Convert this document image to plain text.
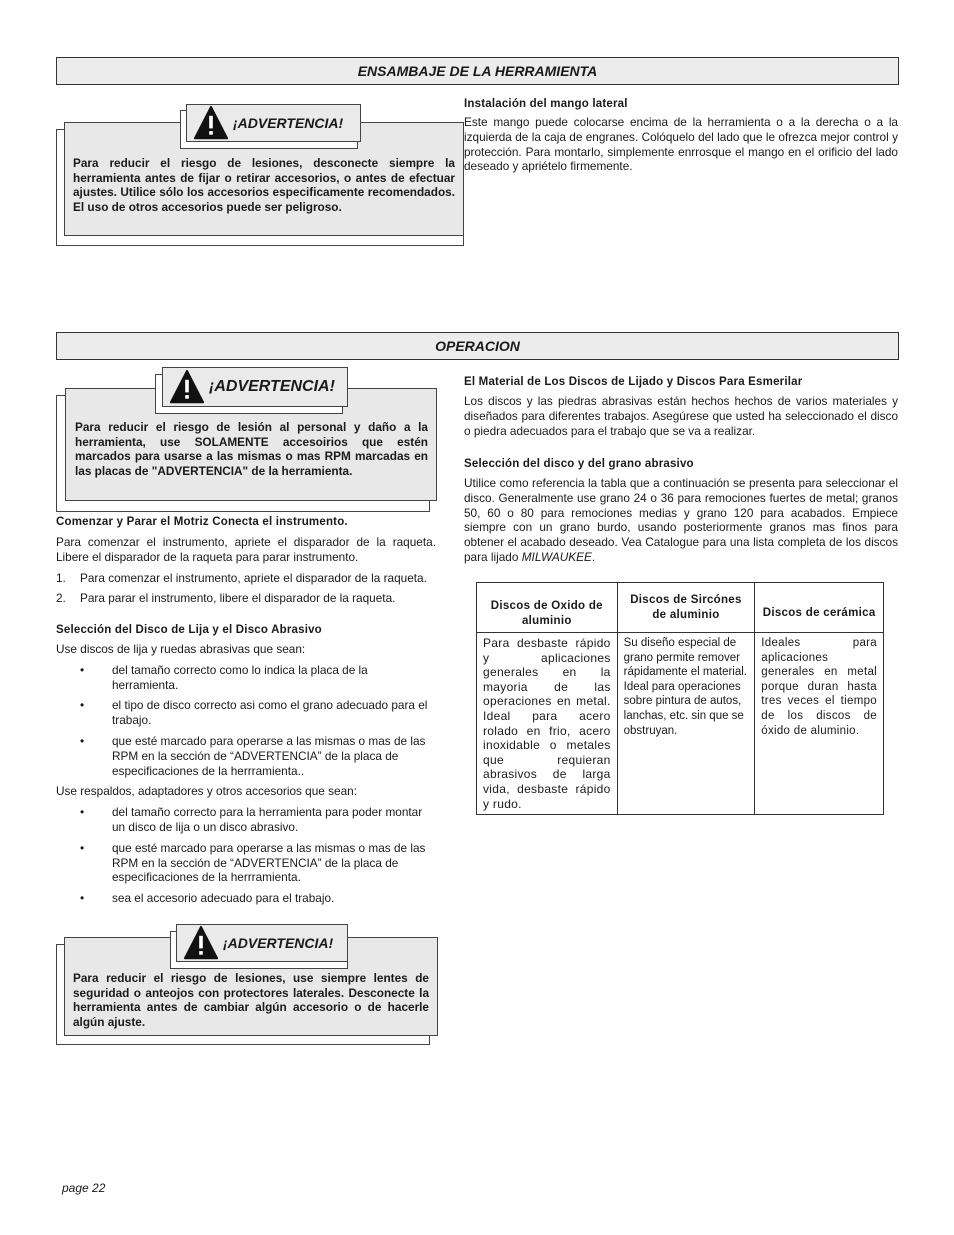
ENSAMBAJE DE LA HERRAMIENTA

Para reducir el riesgo de lesiones, desconecte siempre la herramienta antes de fijar o retirar accesorios, o antes de efectuar ajustes. Utilice sólo los accesorios especificamente recomendados. El uso de otros accesorios puede ser peligroso.

¡ADVERTENCIA!
Instalación del mango lateral

Este mango puede colocarse encima de la herramienta o a la derecha o a la izquierda de la caja de engranes. Colóquelo del lado que le ofrezca mejor control y protección. Para montarlo, simplemente enrrosque el mango en el orificio del lado deseado y apriételo firmemente.

OPERACION

Para reducir el riesgo de lesión al personal y daño a la herramienta, use SOLAMENTE accesoirios que estén marcados para usarse a las mismas o mas RPM marcadas en las placas de "ADVERTENCIA" de la herramienta.

¡ADVERTENCIA!
Comenzar y Parar el Motriz Conecta el instrumento.

Para comenzar el instrumento, apriete el disparador de la raqueta. Libere el disparador de la raqueta para parar instrumento.

1. Para comenzar el instrumento, apriete el disparador de la raqueta.
2. Para parar el instrumento, libere el disparador de la raqueta.
Selección del Disco de Lija y el Disco Abrasivo

Use discos de lija y ruedas abrasivas que sean:

• del tamaño correcto como lo indica la placa de la herramienta.
• el tipo de disco correcto asi como el grano adecuado para el trabajo.
• que esté marcado para operarse a las mismas o mas de las RPM en la sección de “ADVERTENCIA” de la placa de especificaciones de la herrramienta..

Use respaldos, adaptadores y otros accesorios que sean:

• del tamaño correcto para la herramienta para poder montar un disco de lija o un disco abrasivo.
• que esté marcado para operarse a las mismas o mas de las RPM en la sección de “ADVERTENCIA” de la placa de especificaciones de la herrramienta.
• sea el accesorio adecuado para el trabajo.

Para reducir el riesgo de lesiones, use siempre lentes de seguridad o anteojos con protectores laterales. Desconecte la herramienta antes de cambiar algún accesorio o de hacerle algún ajuste.

¡ADVERTENCIA!
El Material de Los Discos de Lijado y Discos Para Esmerilar

Los discos y las piedras abrasivas están hechos hechos de varios materiales y diseñados para diferentes trabajos. Asegúrese que usted ha seleccionado el disco o piedra adecuados para el trabajo que se va a realizar.

Selección del disco y del grano abrasivo

Utilice como referencia la tabla que a continuación se presenta para seleccionar el disco. Generalmente use grano 24 o 36 para remociones fuertes de metal; granos 50, 60 o 80 para remociones medias y grano 120 para acabados. Empiece siempre con un grano burdo, usando posteriormente granos mas finos para obtener el acabado deseado. Vea Catalogue para una lista completa de los discos para lijado MILWAUKEE.

Discos de Oxido de aluminio	Discos de Sircónes de aluminio	Discos de cerámica
Para desbaste rápido y aplicaciones generales en la mayoria de las operaciones en metal. Ideal para acero rolado en frio, acero inoxidable o metales que requieran abrasivos de larga vida, desbaste rápido y rudo.	Su diseño especial de grano permite remover rápidamente el material. Ideal para operaciones sobre pintura de autos, lanchas, etc. sin que se obstruyan.	Ideales para aplicaciones generales en metal porque duran hasta tres veces el tiempo de los discos de óxido de aluminio.
page 22
